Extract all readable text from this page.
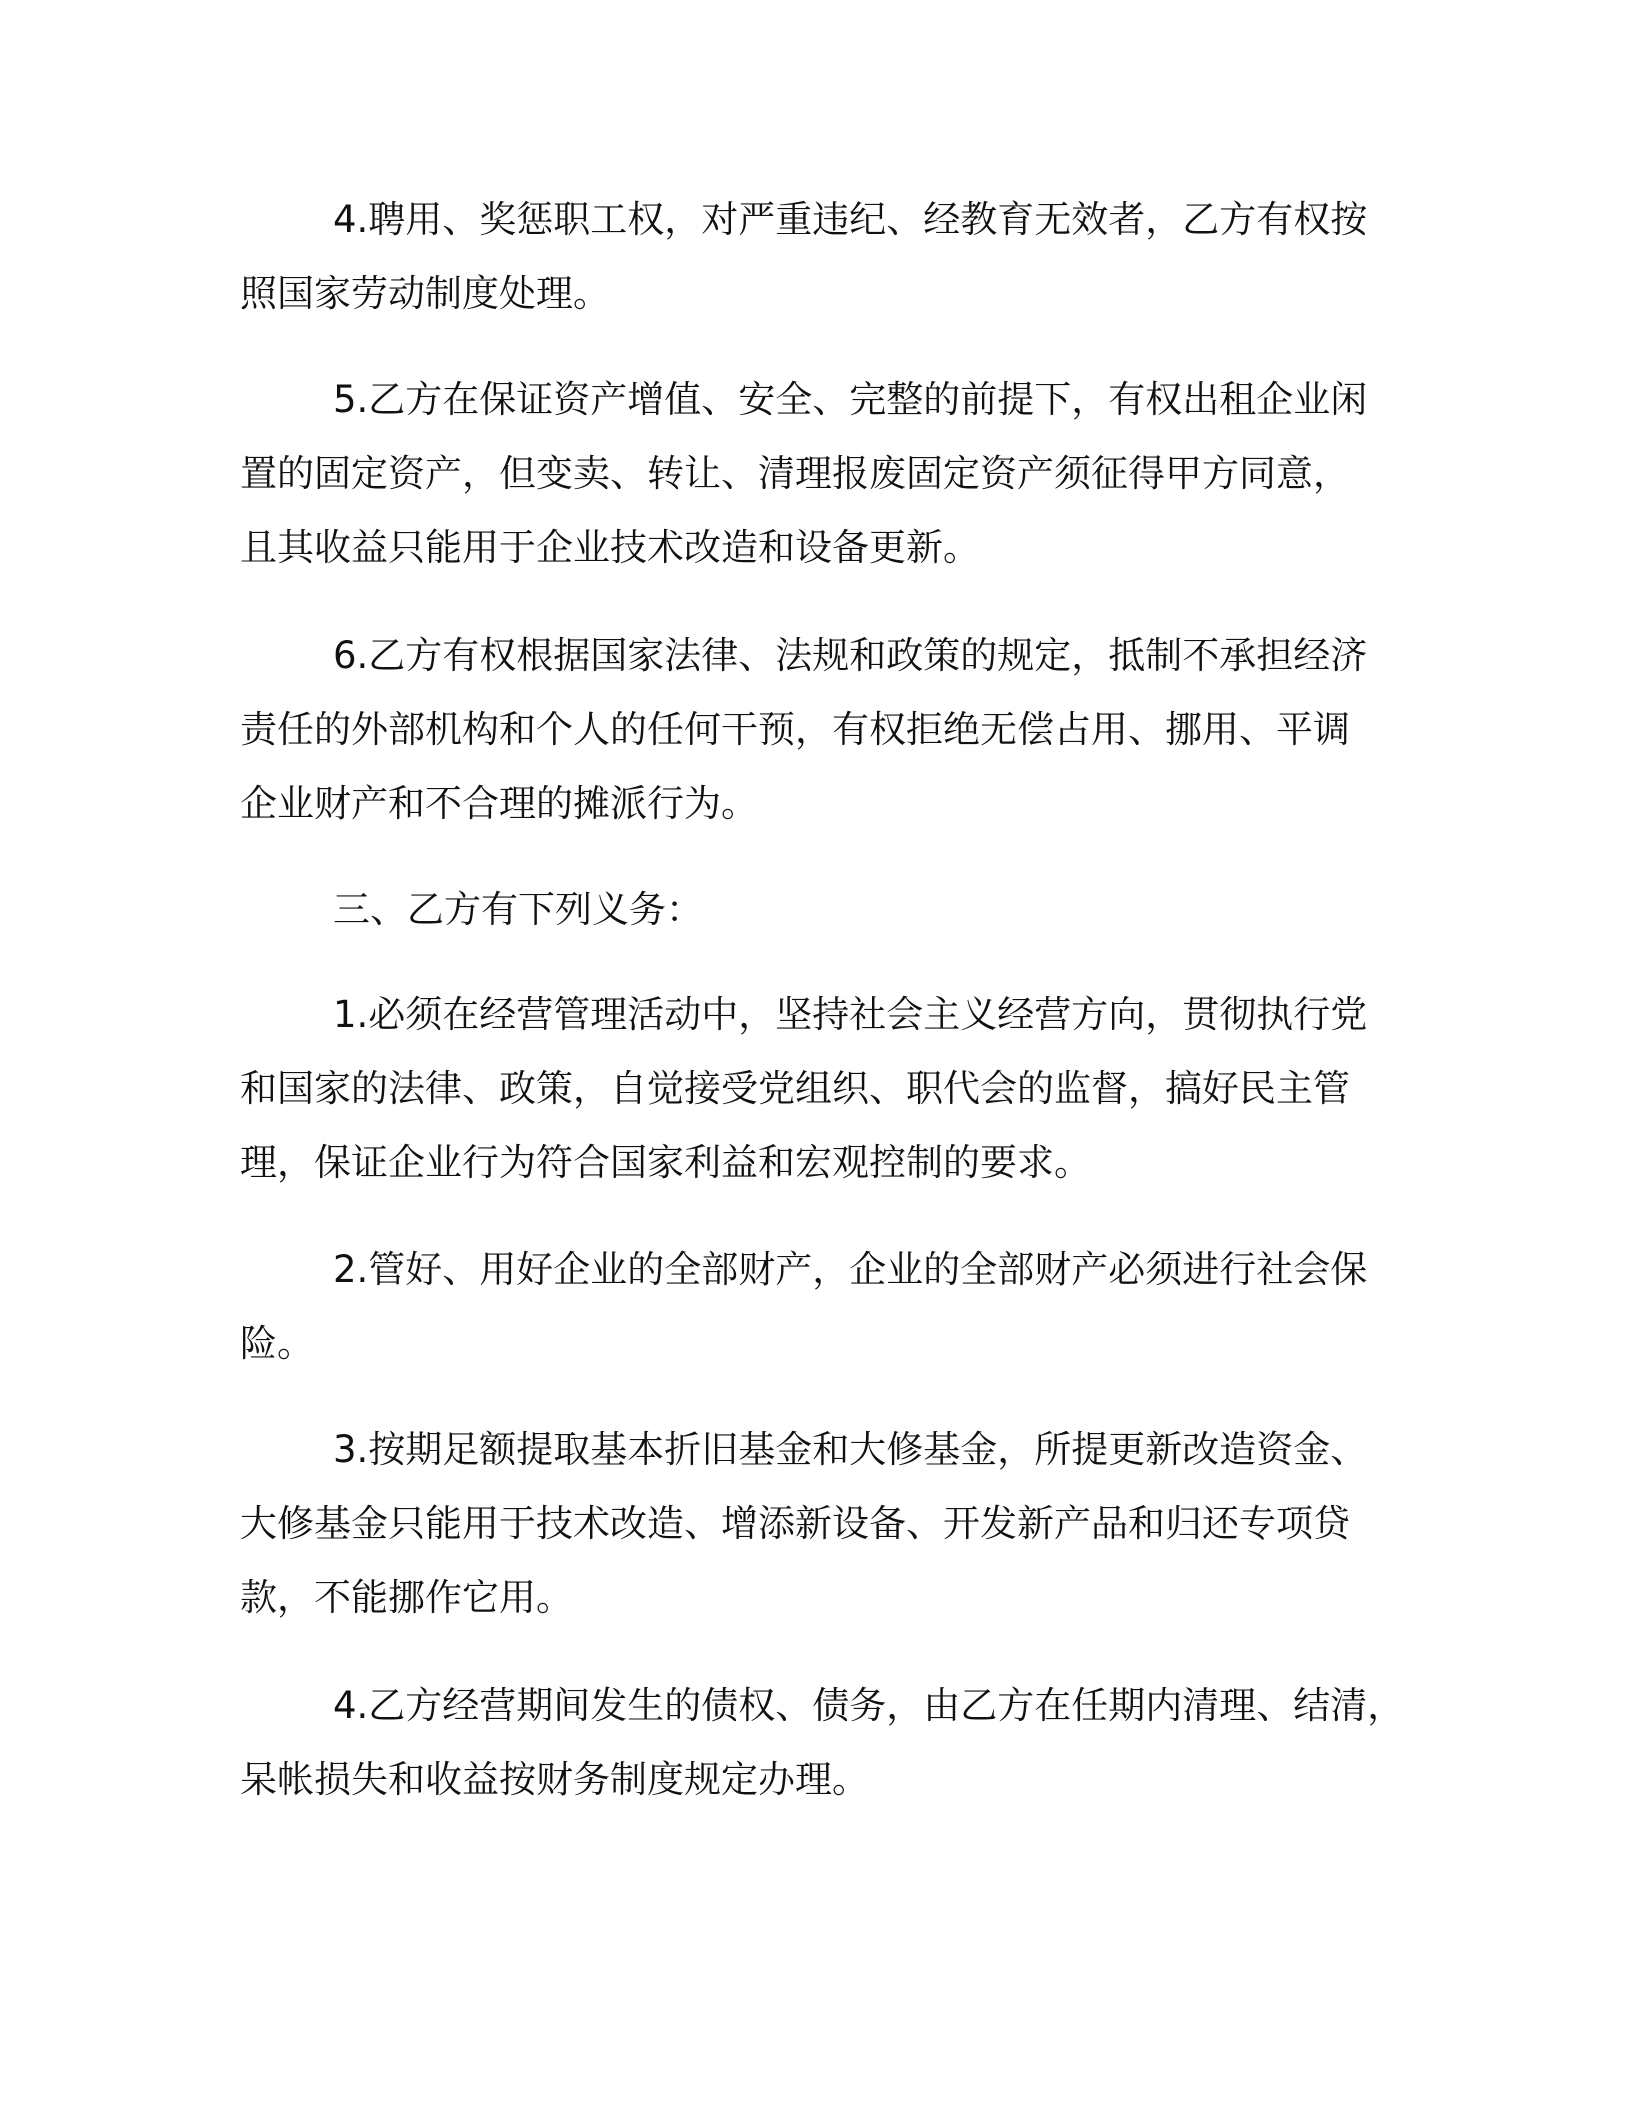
4.聘用、奖惩职工权，对严重违纪、经教育无效者，乙方有权按
照国家劳动制度处理。
5.乙方在保证资产增值、安全、完整的前提下，有权出租企业闲
置的固定资产，但变卖、转让、清理报废固定资产须征得甲方同意，
且其收益只能用于企业技术改造和设备更新。
6.乙方有权根据国家法律、法规和政策的规定，抵制不承担经济
责任的外部机构和个人的任何干预，有权拒绝无偿占用、挪用、平调
企业财产和不合理的摊派行为。
三、乙方有下列义务：
1.必须在经营管理活动中，坚持社会主义经营方向，贯彻执行党
和国家的法律、政策，自觉接受党组织、职代会的监督，搞好民主管
理，保证企业行为符合国家利益和宏观控制的要求。
2.管好、用好企业的全部财产，企业的全部财产必须进行社会保
险。
3.按期足额提取基本折旧基金和大修基金，所提更新改造资金、
大修基金只能用于技术改造、增添新设备、开发新产品和归还专项贷
款，不能挪作它用。
4.乙方经营期间发生的债权、债务，由乙方在任期内清理、结清，
呆帐损失和收益按财务制度规定办理。
